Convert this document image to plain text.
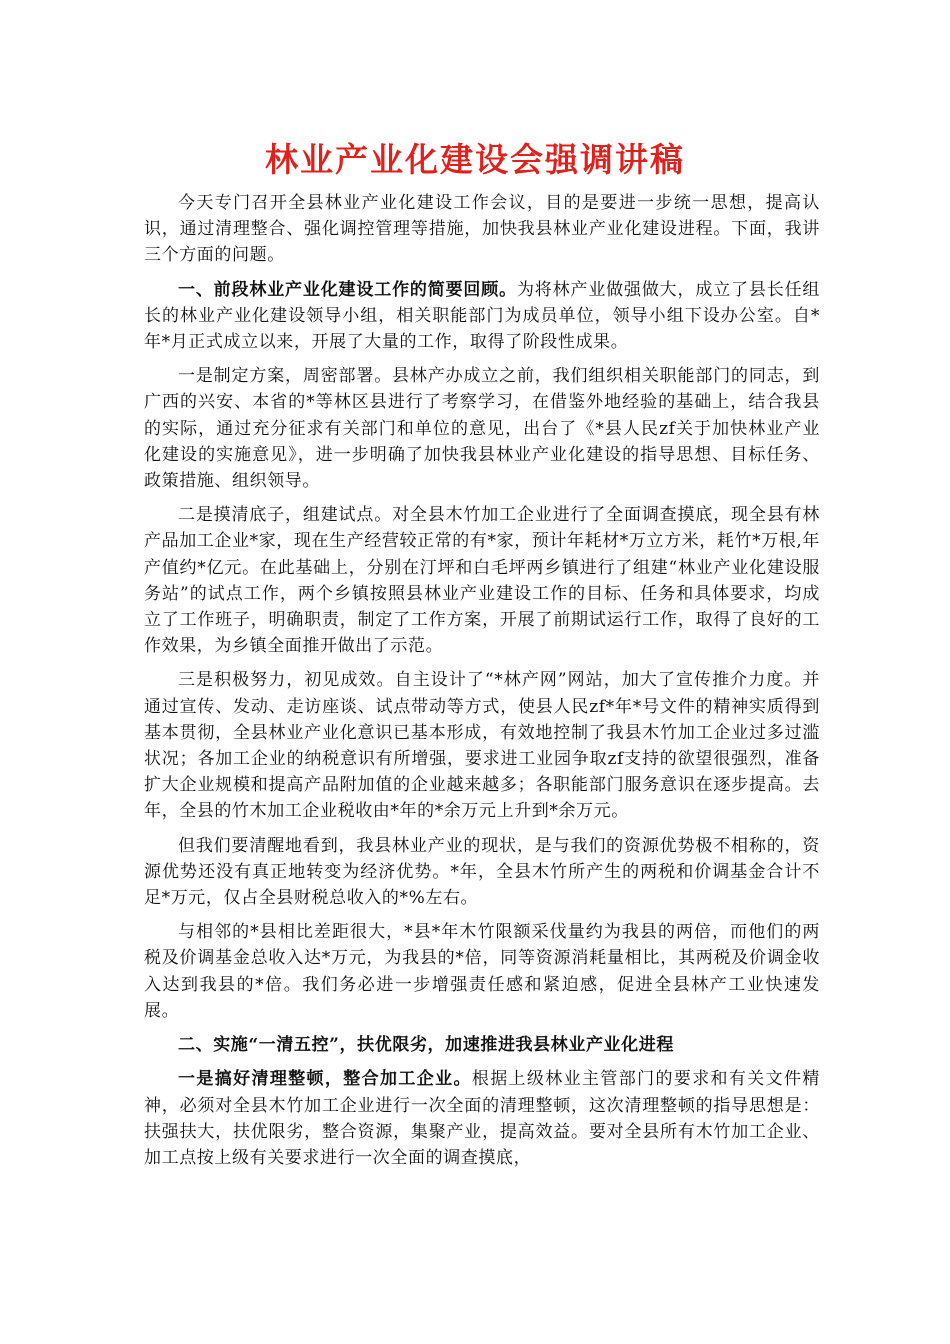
林业产业化建设会强调讲稿

今天专门召开全县林业产业化建设工作会议，目的是要进一步统一思想，提高认识，通过清理整合、强化调控管理等措施，加快我县林业产业化建设进程。下面，我讲三个方面的问题。

一、前段林业产业化建设工作的简要回顾。为将林产业做强做大，成立了县长任组长的林业产业化建设领导小组，相关职能部门为成员单位，领导小组下设办公室。自*年*月正式成立以来，开展了大量的工作，取得了阶段性成果。

一是制定方案，周密部署。县林产办成立之前，我们组织相关职能部门的同志，到广西的兴安、本省的*等林区县进行了考察学习，在借鉴外地经验的基础上，结合我县的实际，通过充分征求有关部门和单位的意见，出台了《*县人民zf关于加快林业产业化建设的实施意见》，进一步明确了加快我县林业产业化建设的指导思想、目标任务、政策措施、组织领导。

二是摸清底子，组建试点。对全县木竹加工企业进行了全面调查摸底，现全县有林产品加工企业*家，现在生产经营较正常的有*家，预计年耗材*万立方米，耗竹*万根,年产值约*亿元。在此基础上，分别在汀坪和白毛坪两乡镇进行了组建“林业产业化建设服务站”的试点工作，两个乡镇按照县林业产业建设工作的目标、任务和具体要求，均成立了工作班子，明确职责，制定了工作方案，开展了前期试运行工作，取得了良好的工作效果，为乡镇全面推开做出了示范。

三是积极努力，初见成效。自主设计了“*林产网”网站，加大了宣传推介力度。并通过宣传、发动、走访座谈、试点带动等方式，使县人民zf*年*号文件的精神实质得到基本贯彻，全县林业产业化意识已基本形成，有效地控制了我县木竹加工企业过多过滥状况；各加工企业的纳税意识有所增强，要求进工业园争取zf支持的欲望很强烈，准备扩大企业规模和提高产品附加值的企业越来越多；各职能部门服务意识在逐步提高。去年，全县的竹木加工企业税收由*年的*余万元上升到*余万元。

但我们要清醒地看到，我县林业产业的现状，是与我们的资源优势极不相称的，资源优势还没有真正地转变为经济优势。*年，全县木竹所产生的两税和价调基金合计不足*万元，仅占全县财税总收入的*%左右。

与相邻的*县相比差距很大，*县*年木竹限额采伐量约为我县的两倍，而他们的两税及价调基金总收入达*万元，为我县的*倍，同等资源消耗量相比，其两税及价调金收入达到我县的*倍。我们务必进一步增强责任感和紧迫感，促进全县林产工业快速发展。

二、实施“一清五控”，扶优限劣，加速推进我县林业产业化进程

一是搞好清理整顿，整合加工企业。根据上级林业主管部门的要求和有关文件精神，必须对全县木竹加工企业进行一次全面的清理整顿，这次清理整顿的指导思想是：扶强扶大，扶优限劣，整合资源，集聚产业，提高效益。要对全县所有木竹加工企业、加工点按上级有关要求进行一次全面的调查摸底，
